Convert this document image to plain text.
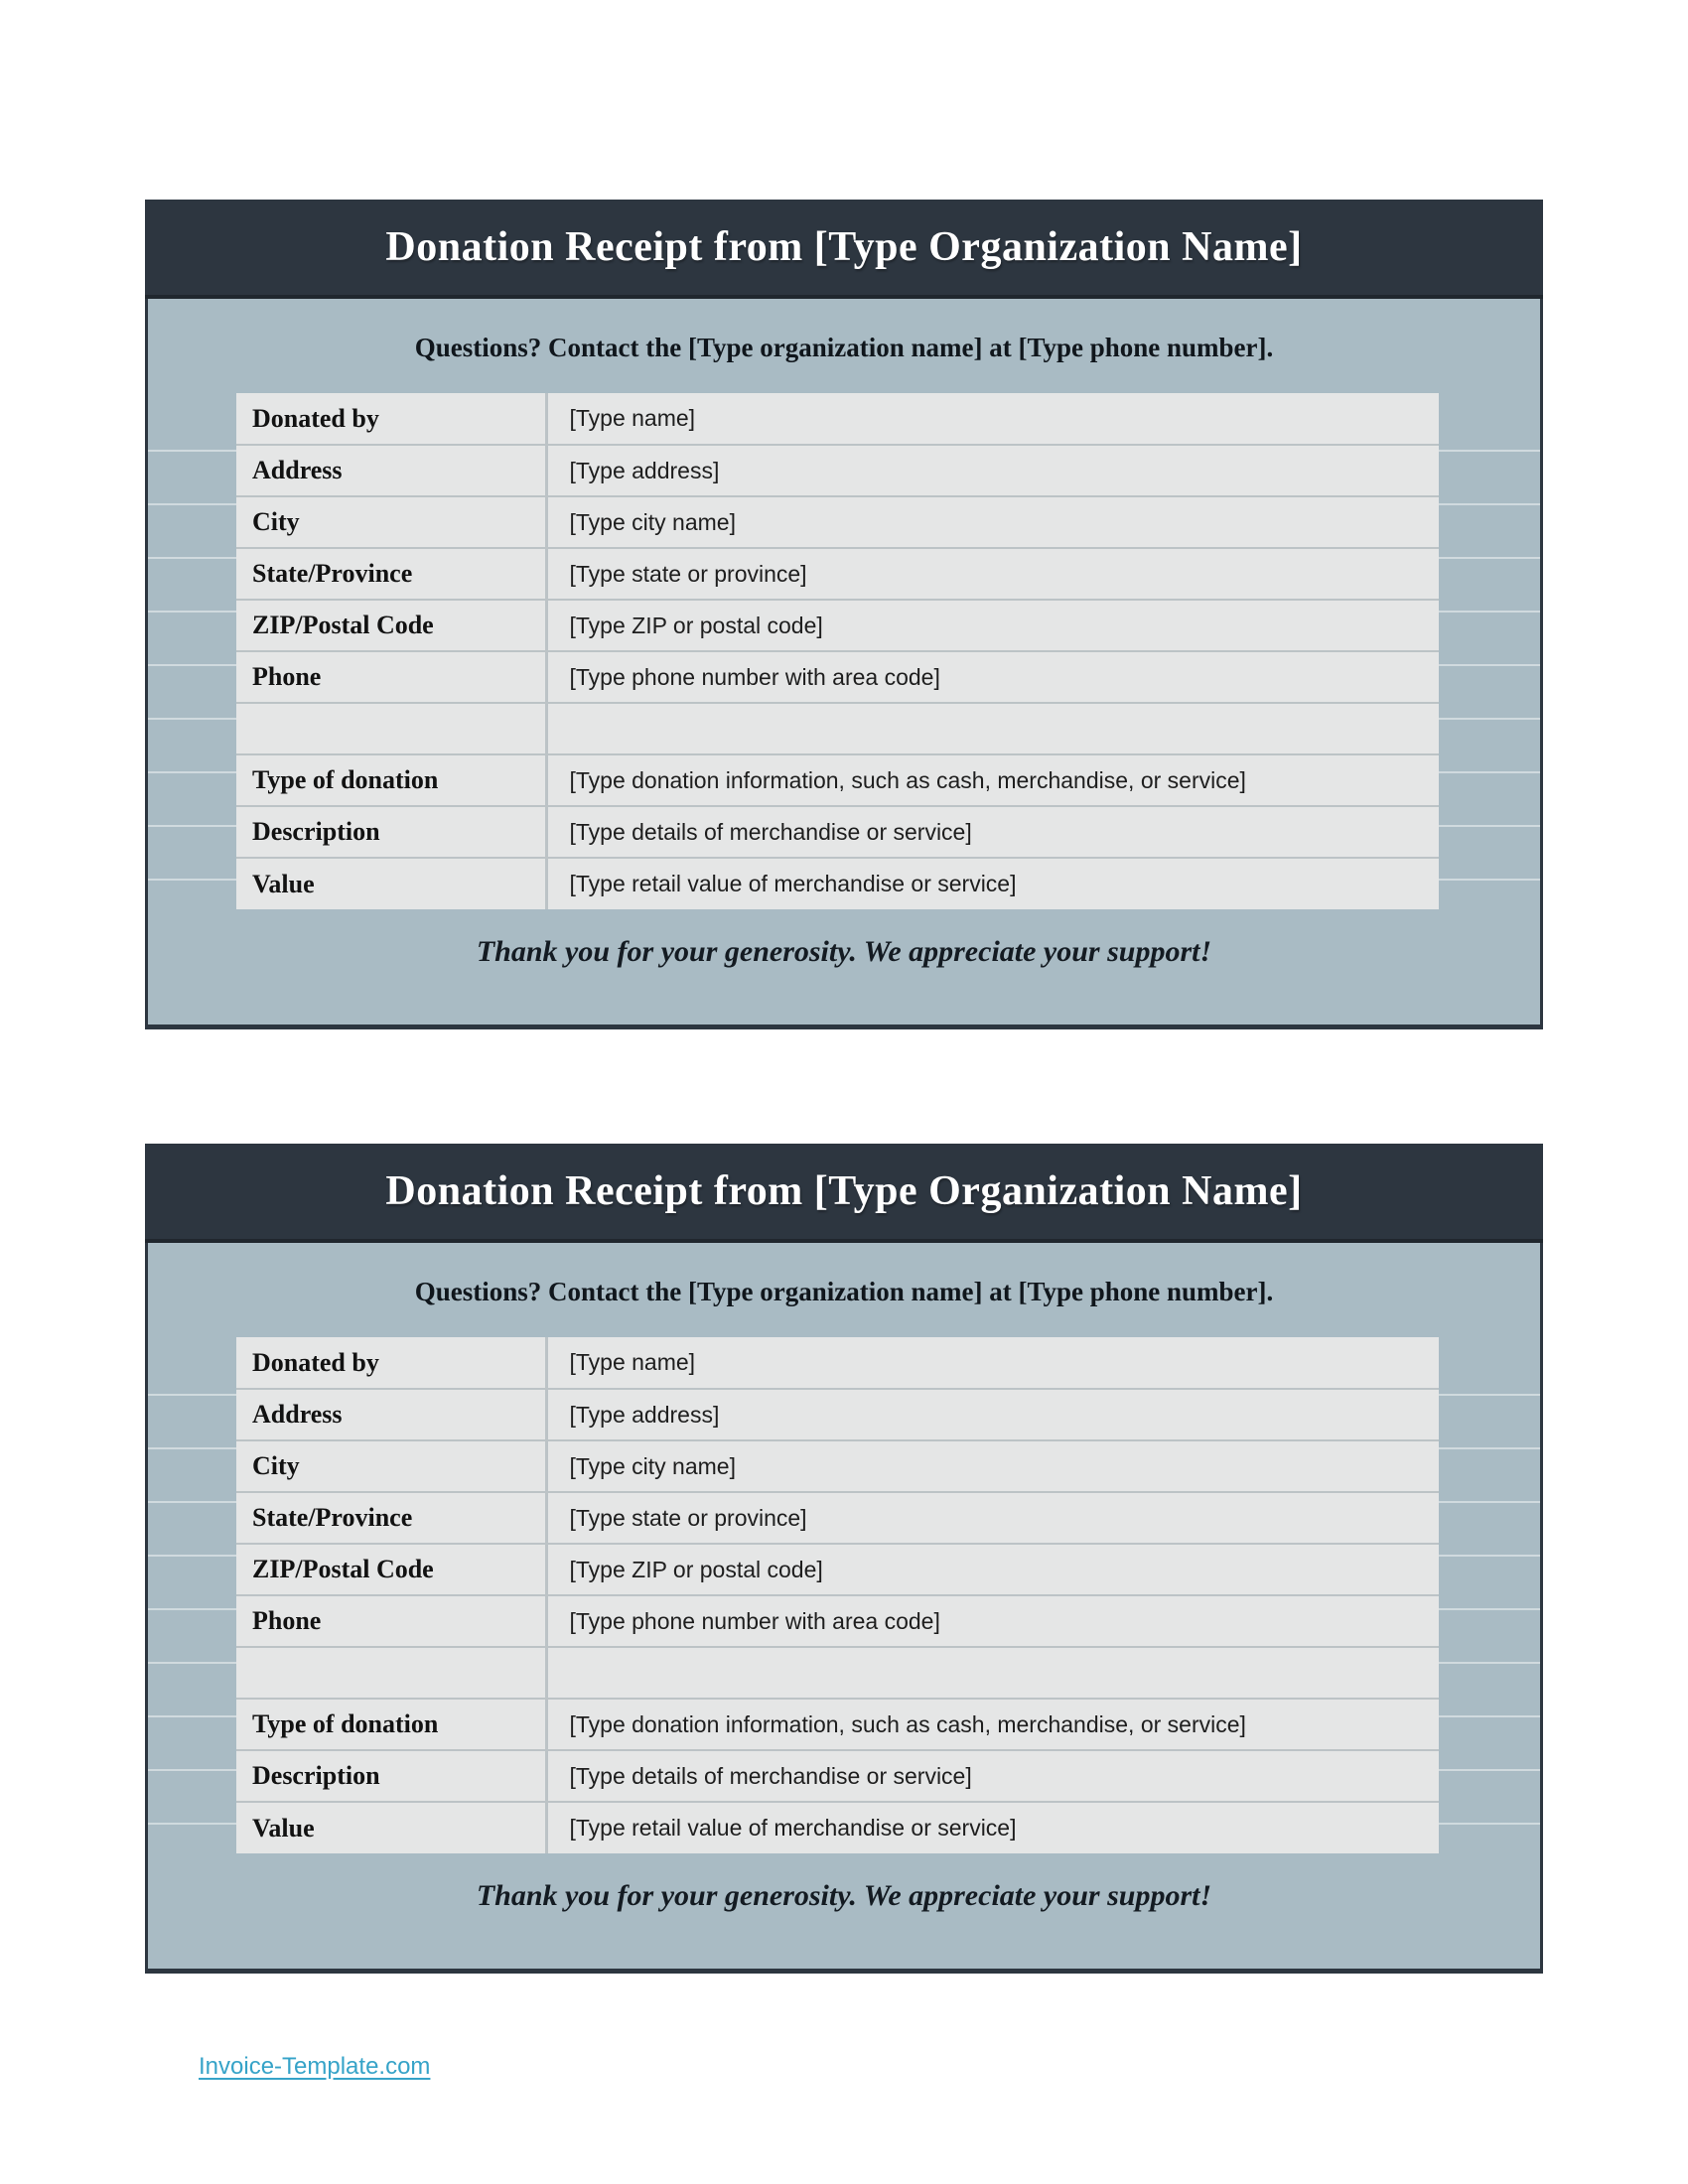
Donation Receipt from [Type Organization Name]

Questions? Contact the [Type organization name] at [Type phone number].

Donated by	[Type name]
Address	[Type address]
City	[Type city name]
State/Province	[Type state or province]
ZIP/Postal Code	[Type ZIP or postal code]
Phone	[Type phone number with area code]

Type of donation	[Type donation information, such as cash, merchandise, or service]
Description	[Type details of merchandise or service]
Value	[Type retail value of merchandise or service]

Thank you for your generosity. We appreciate your support!

Donation Receipt from [Type Organization Name]

Questions? Contact the [Type organization name] at [Type phone number].

Donated by	[Type name]
Address	[Type address]
City	[Type city name]
State/Province	[Type state or province]
ZIP/Postal Code	[Type ZIP or postal code]
Phone	[Type phone number with area code]

Type of donation	[Type donation information, such as cash, merchandise, or service]
Description	[Type details of merchandise or service]
Value	[Type retail value of merchandise or service]

Thank you for your generosity. We appreciate your support!

Invoice-Template.com
